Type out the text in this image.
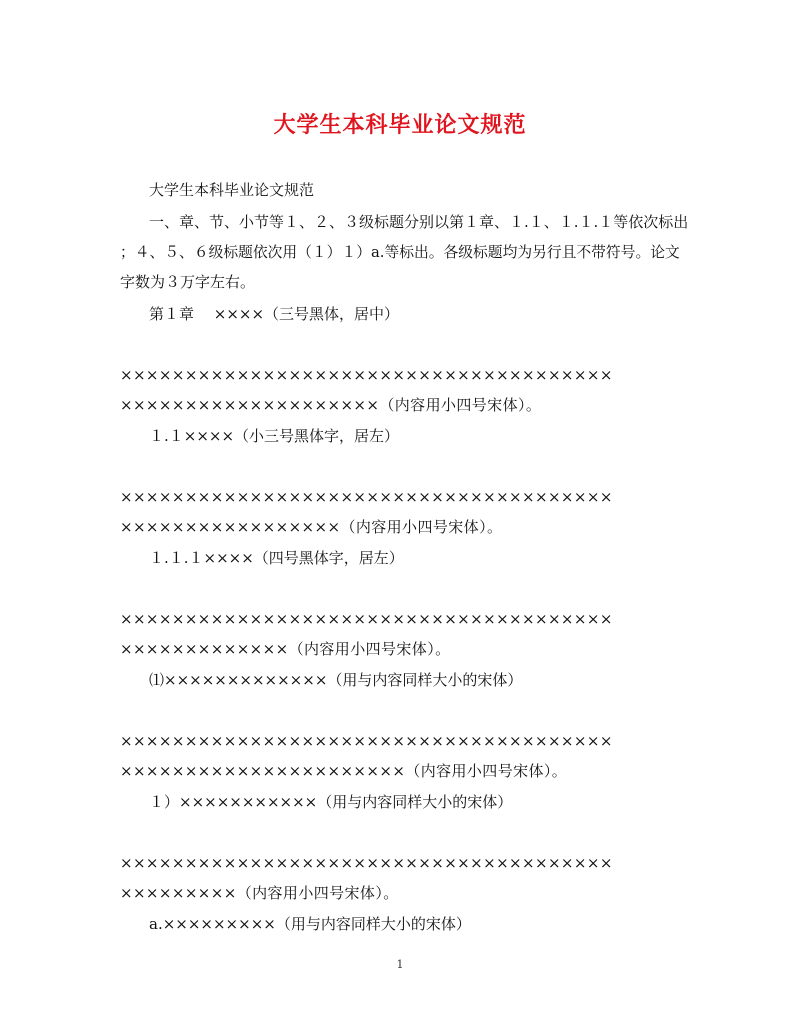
大学生本科毕业论文规范

大学生本科毕业论文规范

一、章、节、小节等１、２、３级标题分别以第１章、１.１、１.１.１等依次标出

；４、５、６级标题依次用（１）１）a.等标出。各级标题均为另行且不带符号。论文

字数为３万字左右。

第１章　 ××××（三号黑体，居中）

××××××××××××××××××××××××××××××××××××××

××××××××××××××××××××（内容用小四号宋体）。

１.１××××（小三号黑体字，居左）

××××××××××××××××××××××××××××××××××××××

×××××××××××××××××（内容用小四号宋体）。

１.１.１××××（四号黑体字，居左）

××××××××××××××××××××××××××××××××××××××

×××××××××××××（内容用小四号宋体）。

⑴×××××××××××××（用与内容同样大小的宋体）

××××××××××××××××××××××××××××××××××××××

××××××××××××××××××××××（内容用小四号宋体）。

１）×××××××××××（用与内容同样大小的宋体）

××××××××××××××××××××××××××××××××××××××

×××××××××（内容用小四号宋体）。

a.×××××××××（用与内容同样大小的宋体）

1
